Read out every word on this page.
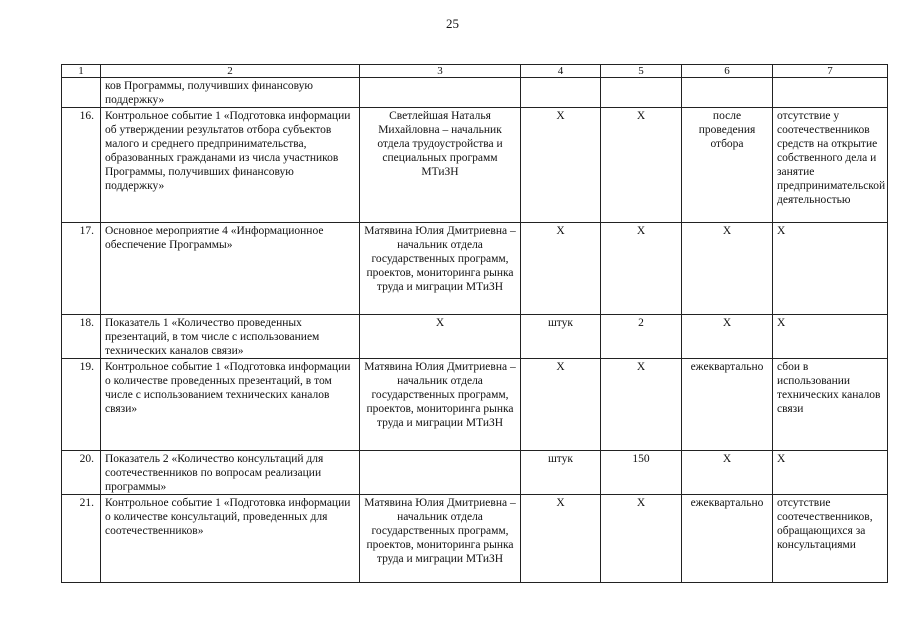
25
1	2	3	4	5	6	7
	ков Программы, получивших финансовую поддержку»					
16.	Контрольное событие 1 «Подготовка информации об утверждении результатов отбора субъектов малого и среднего предпринимательства, образованных гражданами из числа участников Программы, получивших финансовую поддержку»	Светлейшая Наталья Михайловна – начальник отдела трудоустройства и специальных программ МТиЗН	Х	Х	после проведения отбора	отсутствие у соотечественников средств на открытие собственного дела и занятие предпринимательской деятельностью
17.	Основное мероприятие 4 «Информационное обеспечение Программы»	Матявина Юлия Дмитриевна – начальник отдела государственных программ, проектов, мониторинга рынка труда и миграции МТиЗН	Х	Х	Х	Х
18.	Показатель 1 «Количество проведенных презентаций, в том числе с использованием технических каналов связи»	Х	штук	2	Х	Х
19.	Контрольное событие 1 «Подготовка информации о количестве проведенных презентаций, в том числе с использованием технических каналов связи»	Матявина Юлия Дмитриевна – начальник отдела государственных программ, проектов, мониторинга рынка труда и миграции МТиЗН	Х	Х	ежеквартально	сбои в использовании технических каналов связи
20.	Показатель 2 «Количество консультаций для соотечественников по вопросам реализации программы»		штук	150	Х	Х
21.	Контрольное событие 1 «Подготовка информации о количестве консультаций, проведенных для соотечественников»	Матявина Юлия Дмитриевна – начальник отдела государственных программ, проектов, мониторинга рынка труда и миграции МТиЗН	Х	Х	ежеквартально	отсутствие соотечественников, обращающихся за консультациями
